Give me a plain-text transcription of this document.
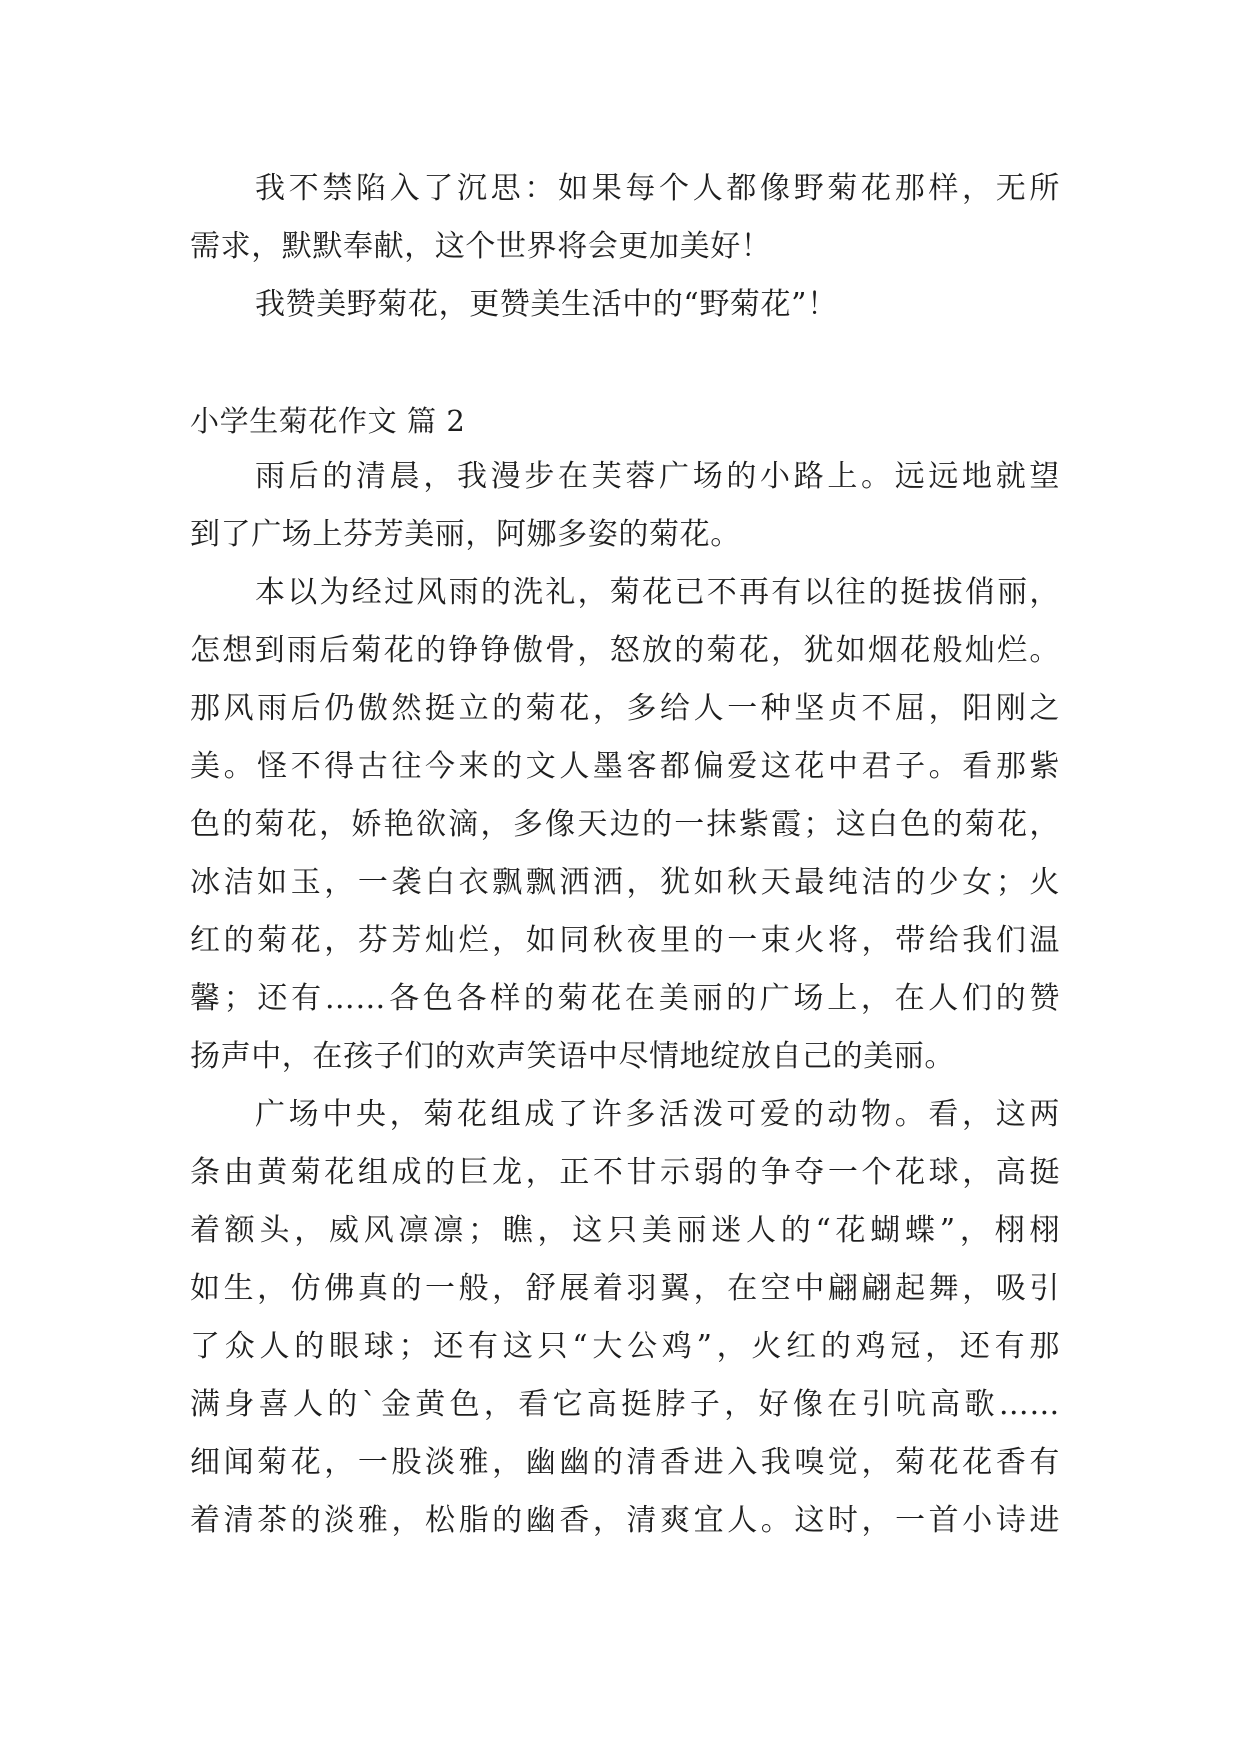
我不禁陷入了沉思：如果每个人都像野菊花那样，无所
需求，默默奉献，这个世界将会更加美好！
我赞美野菊花，更赞美生活中的“野菊花”！
小学生菊花作文 篇 2
雨后的清晨，我漫步在芙蓉广场的小路上。远远地就望
到了广场上芬芳美丽，阿娜多姿的菊花。
本以为经过风雨的洗礼，菊花已不再有以往的挺拔俏丽，
怎想到雨后菊花的铮铮傲骨，怒放的菊花，犹如烟花般灿烂。
那风雨后仍傲然挺立的菊花，多给人一种坚贞不屈，阳刚之
美。怪不得古往今来的文人墨客都偏爱这花中君子。看那紫
色的菊花，娇艳欲滴，多像天边的一抹紫霞；这白色的菊花，
冰洁如玉，一袭白衣飘飘洒洒，犹如秋天最纯洁的少女；火
红的菊花，芬芳灿烂，如同秋夜里的一束火将，带给我们温
馨；还有……各色各样的菊花在美丽的广场上，在人们的赞
扬声中，在孩子们的欢声笑语中尽情地绽放自己的美丽。
广场中央，菊花组成了许多活泼可爱的动物。看，这两
条由黄菊花组成的巨龙，正不甘示弱的争夺一个花球，高挺
着额头，威风凛凛；瞧，这只美丽迷人的“花蝴蝶”，栩栩
如生，仿佛真的一般，舒展着羽翼，在空中翩翩起舞，吸引
了众人的眼球；还有这只“大公鸡”，火红的鸡冠，还有那
满身喜人的`金黄色，看它高挺脖子，好像在引吭高歌……
细闻菊花，一股淡雅，幽幽的清香进入我嗅觉，菊花花香有
着清茶的淡雅，松脂的幽香，清爽宜人。这时，一首小诗进
